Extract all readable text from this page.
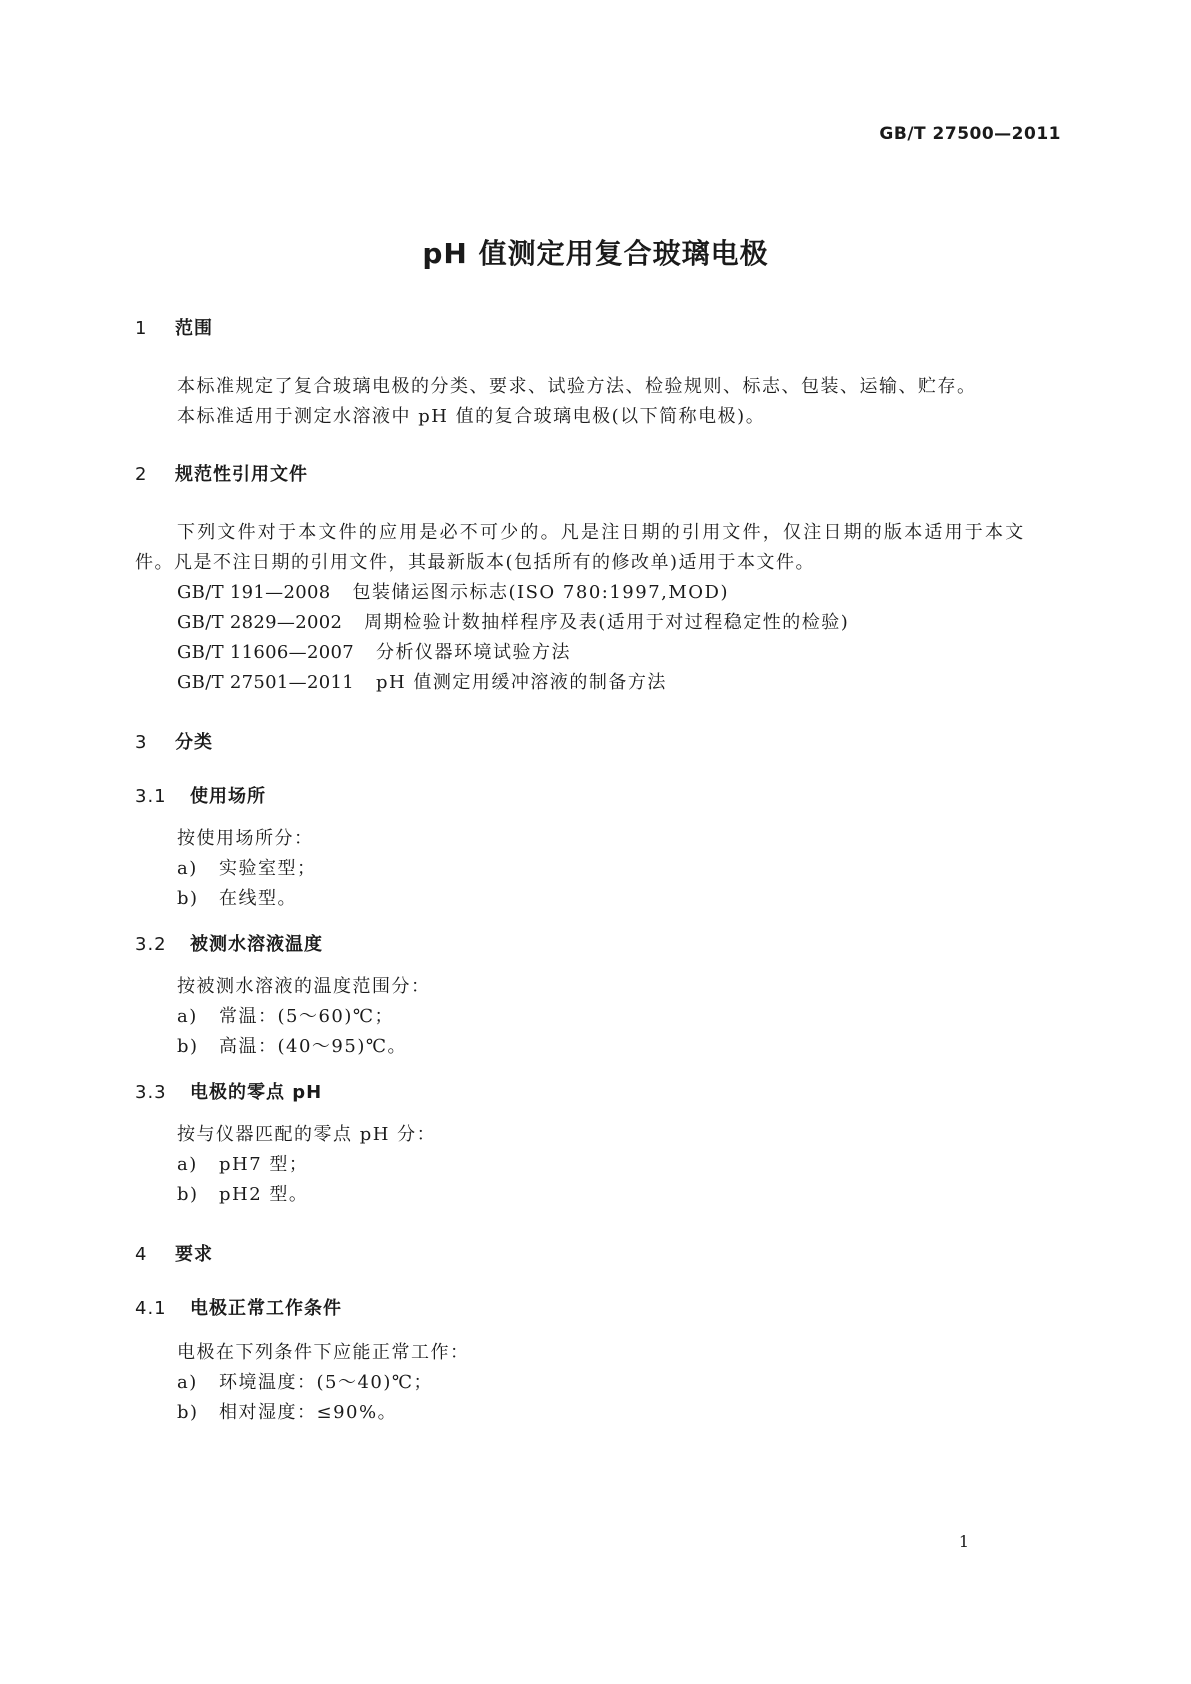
GB/T 27500—2011
pH 值测定用复合玻璃电极
1 范围
本标准规定了复合玻璃电极的分类、要求、试验方法、检验规则、标志、包装、运输、贮存。
本标准适用于测定水溶液中 pH 值的复合玻璃电极(以下简称电极)。
2 规范性引用文件
下列文件对于本文件的应用是必不可少的。凡是注日期的引用文件，仅注日期的版本适用于本文
件。凡是不注日期的引用文件，其最新版本(包括所有的修改单)适用于本文件。
GB/T 191—2008 包装储运图示标志(ISO 780:1997,MOD)
GB/T 2829—2002 周期检验计数抽样程序及表(适用于对过程稳定性的检验)
GB/T 11606—2007 分析仪器环境试验方法
GB/T 27501—2011 pH 值测定用缓冲溶液的制备方法
3 分类
3.1 使用场所
按使用场所分：
a) 实验室型；
b) 在线型。
3.2 被测水溶液温度
按被测水溶液的温度范围分：
a) 常温：(5～60)℃；
b) 高温：(40～95)℃。
3.3 电极的零点 pH
按与仪器匹配的零点 pH 分：
a) pH7 型；
b) pH2 型。
4 要求
4.1 电极正常工作条件
电极在下列条件下应能正常工作：
a) 环境温度：(5～40)℃；
b) 相对湿度：≤90%。
1
